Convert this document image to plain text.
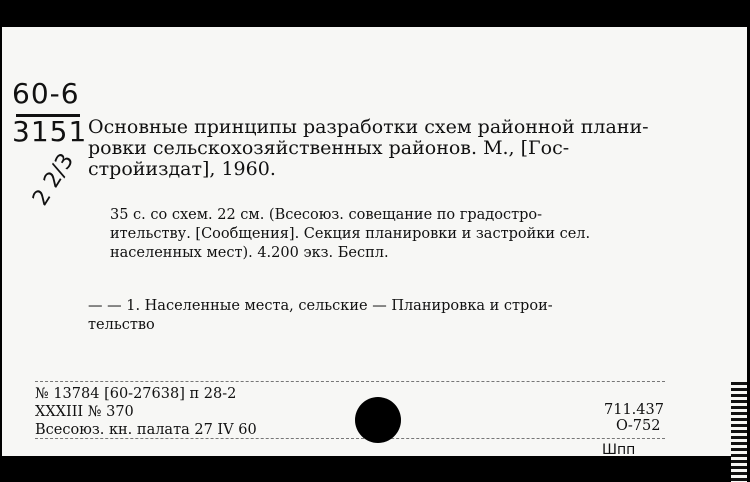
60-6
3151
2 2/3
Основные принципы разработки схем районной плани-
ровки сельскохозяйственных районов. М., [Гос-
стройиздат], 1960.
35 с. со схем. 22 см. (Всесоюз. совещание по градостро-
ительству. [Сообщения]. Секция планировки и застройки сел.
населенных мест). 4.200 экз. Беспл.
— — 1. Населенные места, сельские — Планировка и строи-
тельство
№ 13784 [60-27638] п 28-2
XXXIII № 370
Всесоюз. кн. палата 27 IV 60
711.437
О-752
Шпп
